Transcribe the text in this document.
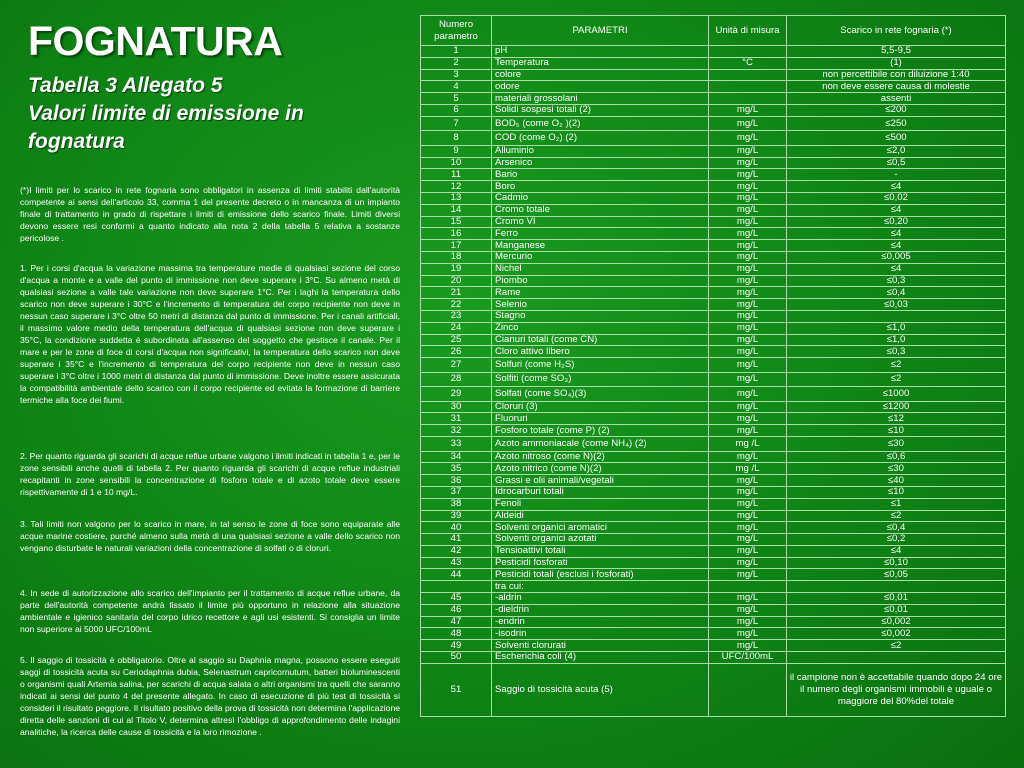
FOGNATURA

Tabella 3 Allegato 5

Valori limite di emissione in

fognatura

(*)I limiti per lo scarico in rete fognaria sono obbligatori in assenza di limiti stabiliti dall'autorità competente ai sensi dell'articolo 33, comma 1 del presente decreto o in mancanza di un impianto finale di trattamento in grado di rispettare i limiti di emissione dello scarico finale. Limiti diversi devono essere resi conformi a quanto indicato alla nota 2 della tabella 5 relativa a sostanze pericolose .

1. Per i corsi d'acqua la variazione massima tra temperature medie di qualsiasi sezione del corso d'acqua a monte e a valle del punto di immissione non deve superare i 3°C. Su almeno metà di qualsiasi sezione a valle tale variazione non deve superare 1°C. Per i laghi la temperatura dello scarico non deve superare i 30°C e l'incremento di temperatura del corpo recipiente non deve in nessun caso superare i 3°C oltre 50 metri di distanza dal punto di immissione. Per i canali artificiali, il massimo valore medio della temperatura dell'acqua di qualsiasi sezione non deve superare i 35°C, la condizione suddetta è subordinata all'assenso del soggetto che gestisce il canale. Per il mare e per le zone di foce di corsi d'acqua non significativi, la temperatura dello scarico non deve superare i 35°C e l'incremento di temperatura del corpo recipiente non deve in nessun caso superare i 3°C oltre i 1000 metri di distanza dal punto di immissione. Deve inoltre essere assicurata la compatibilità ambientale dello scarico con il corpo recipiente ed evitata la formazione di barriere termiche alla foce dei fiumi.

2. Per quanto riguarda gli scarichi di acque reflue urbane valgono i limiti indicati in tabella 1 e, per le zone sensibili anche quelli di tabella 2. Per quanto riguarda gli scarichi di acque reflue industriali recapitanti in zone sensibili la concentrazione di fosforo totale e di azoto totale deve essere rispettivamente di 1 e 10 mg/L.

3. Tali limiti non valgono per lo scarico in mare, in tal senso le zone di foce sono equiparate alle acque marine costiere, purché almeno sulla metà di una qualsiasi sezione a valle dello scarico non vengano disturbate le naturali variazioni della concentrazione di solfati o di cloruri.

4. In sede di autorizzazione allo scarico dell'impianto per il trattamento di acque reflue urbane, da parte dell'autorità competente andrà fissato il limite più opportuno in relazione alla situazione ambientale e igienico sanitaria del corpo idrico recettore e agli usi esistenti. Si consiglia un limite non superiore ai 5000 UFC/100mL

5. Il saggio di tossicità è obbligatorio. Oltre al saggio su Daphnia magna, possono essere eseguiti saggi di tossicità acuta su Ceriodaphnia dubia, Selenastrum capricornutum, batteri bioluminescenti o organismi quali Artemia salina, per scarichi di acqua salata o altri organismi tra quelli che saranno indicati ai sensi del punto 4 del presente allegato. In caso di esecuzione di più test di tossicità si consideri il risultato peggiore. Il risultato positivo della prova di tossicità non determina l'applicazione diretta delle sanzioni di cui al Titolo V, determina altresì l'obbligo di approfondimento delle indagini analitiche, la ricerca delle cause di tossicità e la loro rimozione .

Numero parametro	PARAMETRI	Unità di misura	Scarico in rete fognaria (*)
1	pH		5,5-9,5
2	Temperatura	°C	(1)
3	colore		non percettibile con diluizione 1:40
4	odore		non deve essere causa di molestie
5	materiali grossolani		assenti
6	Solidi sospesi totali (2)	mg/L	≤200
7	BOD₅ (come O₂ )(2)	mg/L	≤250
8	COD (come O₂) (2)	mg/L	≤500
9	Alluminio	mg/L	≤2,0
10	Arsenico	mg/L	≤0,5
11	Bario	mg/L	-
12	Boro	mg/L	≤4
13	Cadmio	mg/L	≤0,02
14	Cromo totale	mg/L	≤4
15	Cromo VI	mg/L	≤0,20
16	Ferro	mg/L	≤4
17	Manganese	mg/L	≤4
18	Mercurio	mg/L	≤0,005
19	Nichel	mg/L	≤4
20	Piombo	mg/L	≤0,3
21	Rame	mg/L	≤0,4
22	Selenio	mg/L	≤0,03
23	Stagno	mg/L	
24	Zinco	mg/L	≤1,0
25	Cianuri totali (come CN)	mg/L	≤1,0
26	Cloro attivo libero	mg/L	≤0,3
27	Solfuri (come H₂S)	mg/L	≤2
28	Solfiti (come SO₃)	mg/L	≤2
29	Solfati (come SO₄)(3)	mg/L	≤1000
30	Cloruri (3)	mg/L	≤1200
31	Fluoruri	mg/L	≤12
32	Fosforo totale (come P) (2)	mg/L	≤10
33	Azoto ammoniacale (come NH₄) (2)	mg /L	≤30
34	Azoto nitroso (come N)(2)	mg/L	≤0,6
35	Azoto nitrico (come N)(2)	mg /L	≤30
36	Grassi e olii animali/vegetali	mg/L	≤40
37	Idrocarburi totali	mg/L	≤10
38	Fenoli	mg/L	≤1
39	Aldeidi	mg/L	≤2
40	Solventi organici aromatici	mg/L	≤0,4
41	Solventi organici azotati	mg/L	≤0,2
42	Tensioattivi totali	mg/L	≤4
43	Pesticidi fosforati	mg/L	≤0,10
44	Pesticidi totali (esclusi i fosforati)	mg/L	≤0,05
	tra cui:		
45	-aldrin	mg/L	≤0,01
46	-dieldrin	mg/L	≤0,01
47	-endrin	mg/L	≤0,002
48	-isodrin	mg/L	≤0,002
49	Solventi clorurati	mg/L	≤2
50	Escherichia coli (4)	UFC/100mL	
51	Saggio di tossicità acuta (5)		il campione non è accettabile quando dopo 24 ore il numero degli organismi immobili è uguale o maggiore del 80%del totale
